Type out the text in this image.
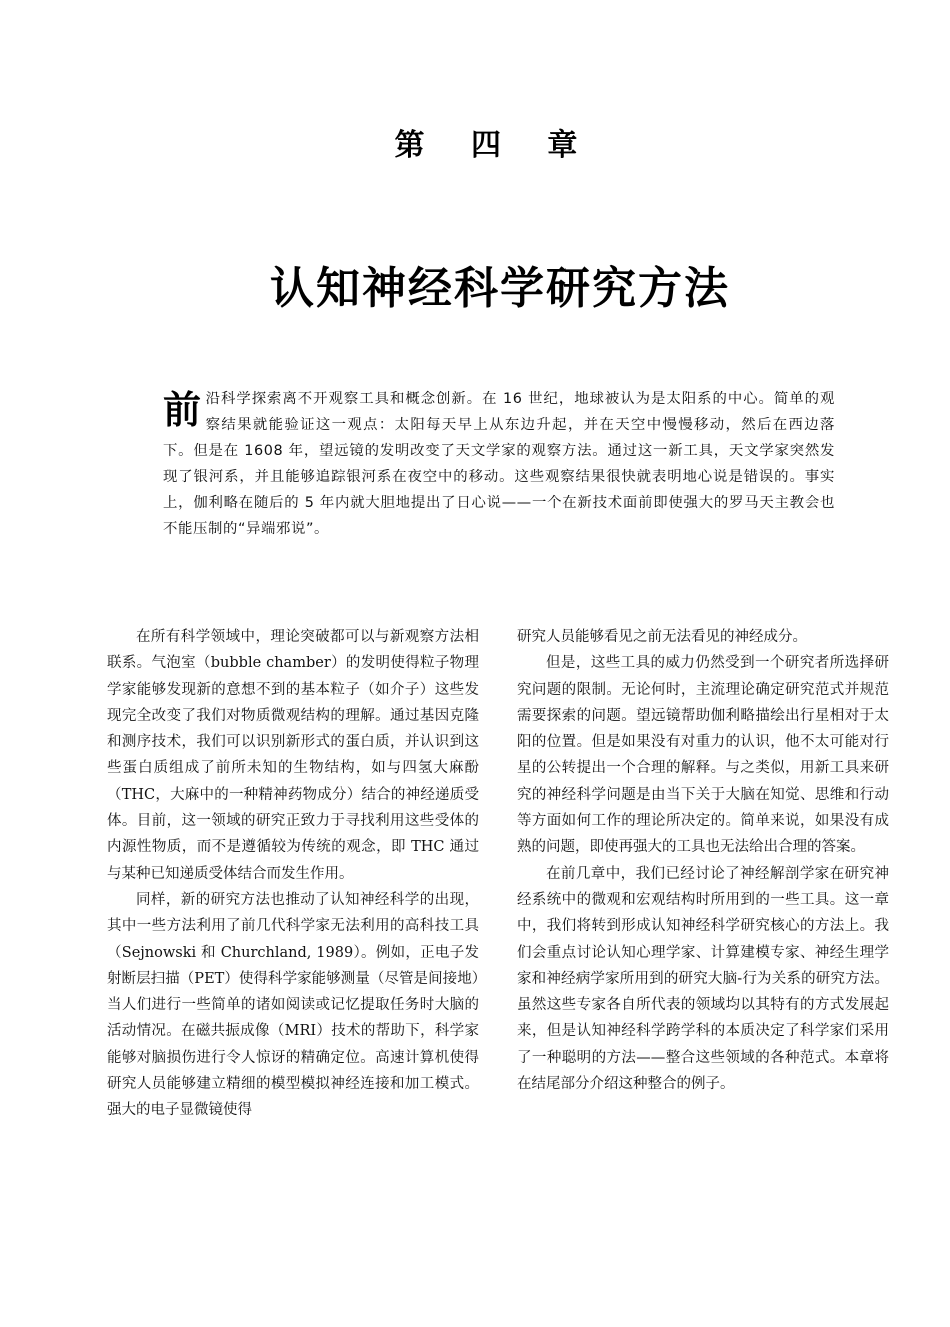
第 四 章
认知神经科学研究方法
前 沿科学探索离不开观察工具和概念创新。在 16 世纪，地球被认为是太阳系的中心。简单的观察结果就能验证这一观点：太阳每天早上从东边升起，并在天空中慢慢移动，然后在西边落下。但是在 1608 年，望远镜的发明改变了天文学家的观察方法。通过这一新工具，天文学家突然发现了银河系，并且能够追踪银河系在夜空中的移动。这些观察结果很快就表明地心说是错误的。事实上，伽利略在随后的 5 年内就大胆地提出了日心说——一个在新技术面前即使强大的罗马天主教会也不能压制的“异端邪说”。

在所有科学领域中，理论突破都可以与新观察方法相联系。气泡室（bubble chamber）的发明使得粒子物理学家能够发现新的意想不到的基本粒子（如介子）这些发现完全改变了我们对物质微观结构的理解。通过基因克隆和测序技术，我们可以识别新形式的蛋白质，并认识到这些蛋白质组成了前所未知的生物结构，如与四氢大麻酚（THC，大麻中的一种精神药物成分）结合的神经递质受体。目前，这一领域的研究正致力于寻找利用这些受体的内源性物质，而不是遵循较为传统的观念，即 THC 通过与某种已知递质受体结合而发生作用。

同样，新的研究方法也推动了认知神经科学的出现，其中一些方法利用了前几代科学家无法利用的高科技工具（Sejnowski 和 Churchland, 1989）。例如，正电子发射断层扫描（PET）使得科学家能够测量（尽管是间接地）当人们进行一些简单的诸如阅读或记忆提取任务时大脑的活动情况。在磁共振成像（MRI）技术的帮助下，科学家能够对脑损伤进行令人惊讶的精确定位。高速计算机使得研究人员能够建立精细的模型模拟神经连接和加工模式。强大的电子显微镜使得

研究人员能够看见之前无法看见的神经成分。

但是，这些工具的威力仍然受到一个研究者所选择研究问题的限制。无论何时，主流理论确定研究范式并规范需要探索的问题。望远镜帮助伽利略描绘出行星相对于太阳的位置。但是如果没有对重力的认识，他不太可能对行星的公转提出一个合理的解释。与之类似，用新工具来研究的神经科学问题是由当下关于大脑在知觉、思维和行动等方面如何工作的理论所决定的。简单来说，如果没有成熟的问题，即使再强大的工具也无法给出合理的答案。

在前几章中，我们已经讨论了神经解剖学家在研究神经系统中的微观和宏观结构时所用到的一些工具。这一章中，我们将转到形成认知神经科学研究核心的方法上。我们会重点讨论认知心理学家、计算建模专家、神经生理学家和神经病学家所用到的研究大脑-行为关系的研究方法。虽然这些专家各自所代表的领域均以其特有的方式发展起来，但是认知神经科学跨学科的本质决定了科学家们采用了一种聪明的方法——整合这些领域的各种范式。本章将在结尾部分介绍这种整合的例子。
